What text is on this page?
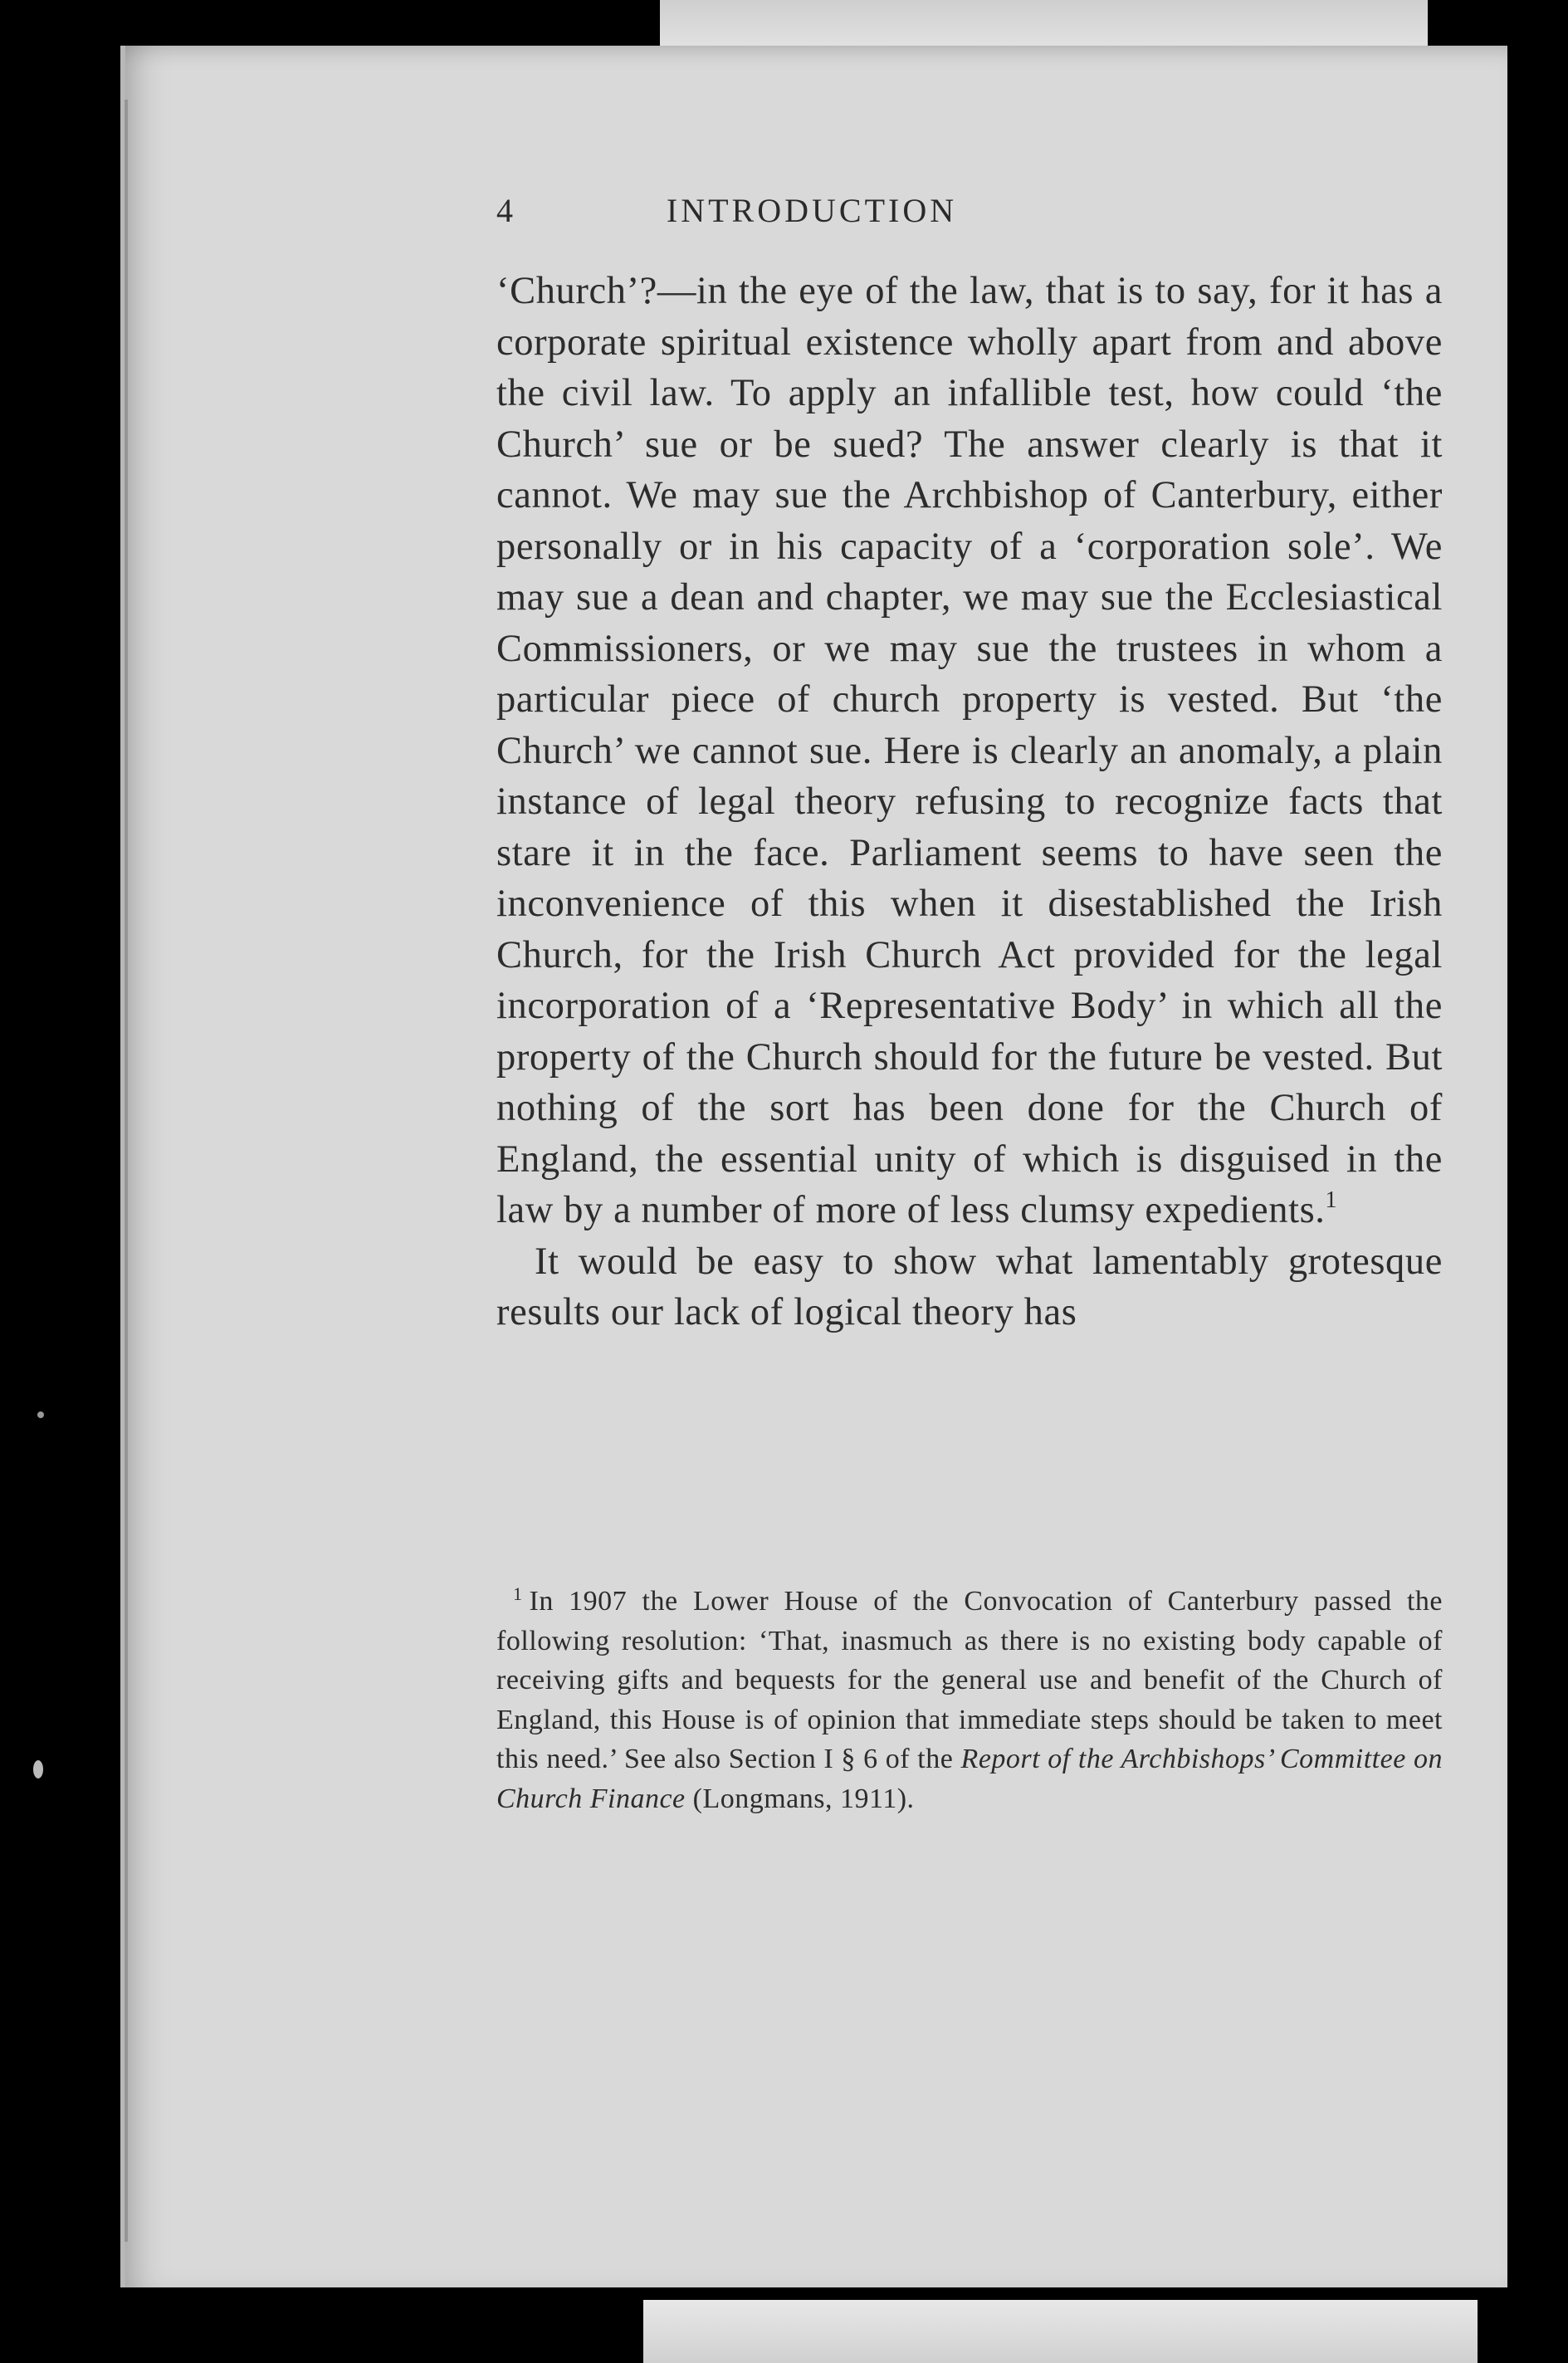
4	INTRODUCTION

‘Church’?—in the eye of the law, that is to say, for it has a corporate spiritual existence wholly apart from and above the civil law. To apply an infallible test, how could ‘the Church’ sue or be sued? The answer clearly is that it cannot. We may sue the Archbishop of Canterbury, either personally or in his capacity of a ‘corporation sole’. We may sue a dean and chapter, we may sue the Ecclesiastical Commissioners, or we may sue the trustees in whom a particular piece of church property is vested. But ‘the Church’ we cannot sue. Here is clearly an anomaly, a plain instance of legal theory refusing to recognize facts that stare it in the face. Parliament seems to have seen the inconvenience of this when it disestablished the Irish Church, for the Irish Church Act provided for the legal incorporation of a ‘Representative Body’ in which all the property of the Church should for the future be vested. But nothing of the sort has been done for the Church of England, the essential unity of which is disguised in the law by a number of more of less clumsy expedients.$^1$

It would be easy to show what lamentably grotesque results our lack of logical theory has

$^1$ In 1907 the Lower House of the Convocation of Canterbury passed the following resolution: ‘That, inasmuch as there is no existing body capable of receiving gifts and bequests for the general use and benefit of the Church of England, this House is of opinion that immediate steps should be taken to meet this need.’ See also Section I § 6 of the Report of the Archbishops’ Committee on Church Finance (Longmans, 1911).
